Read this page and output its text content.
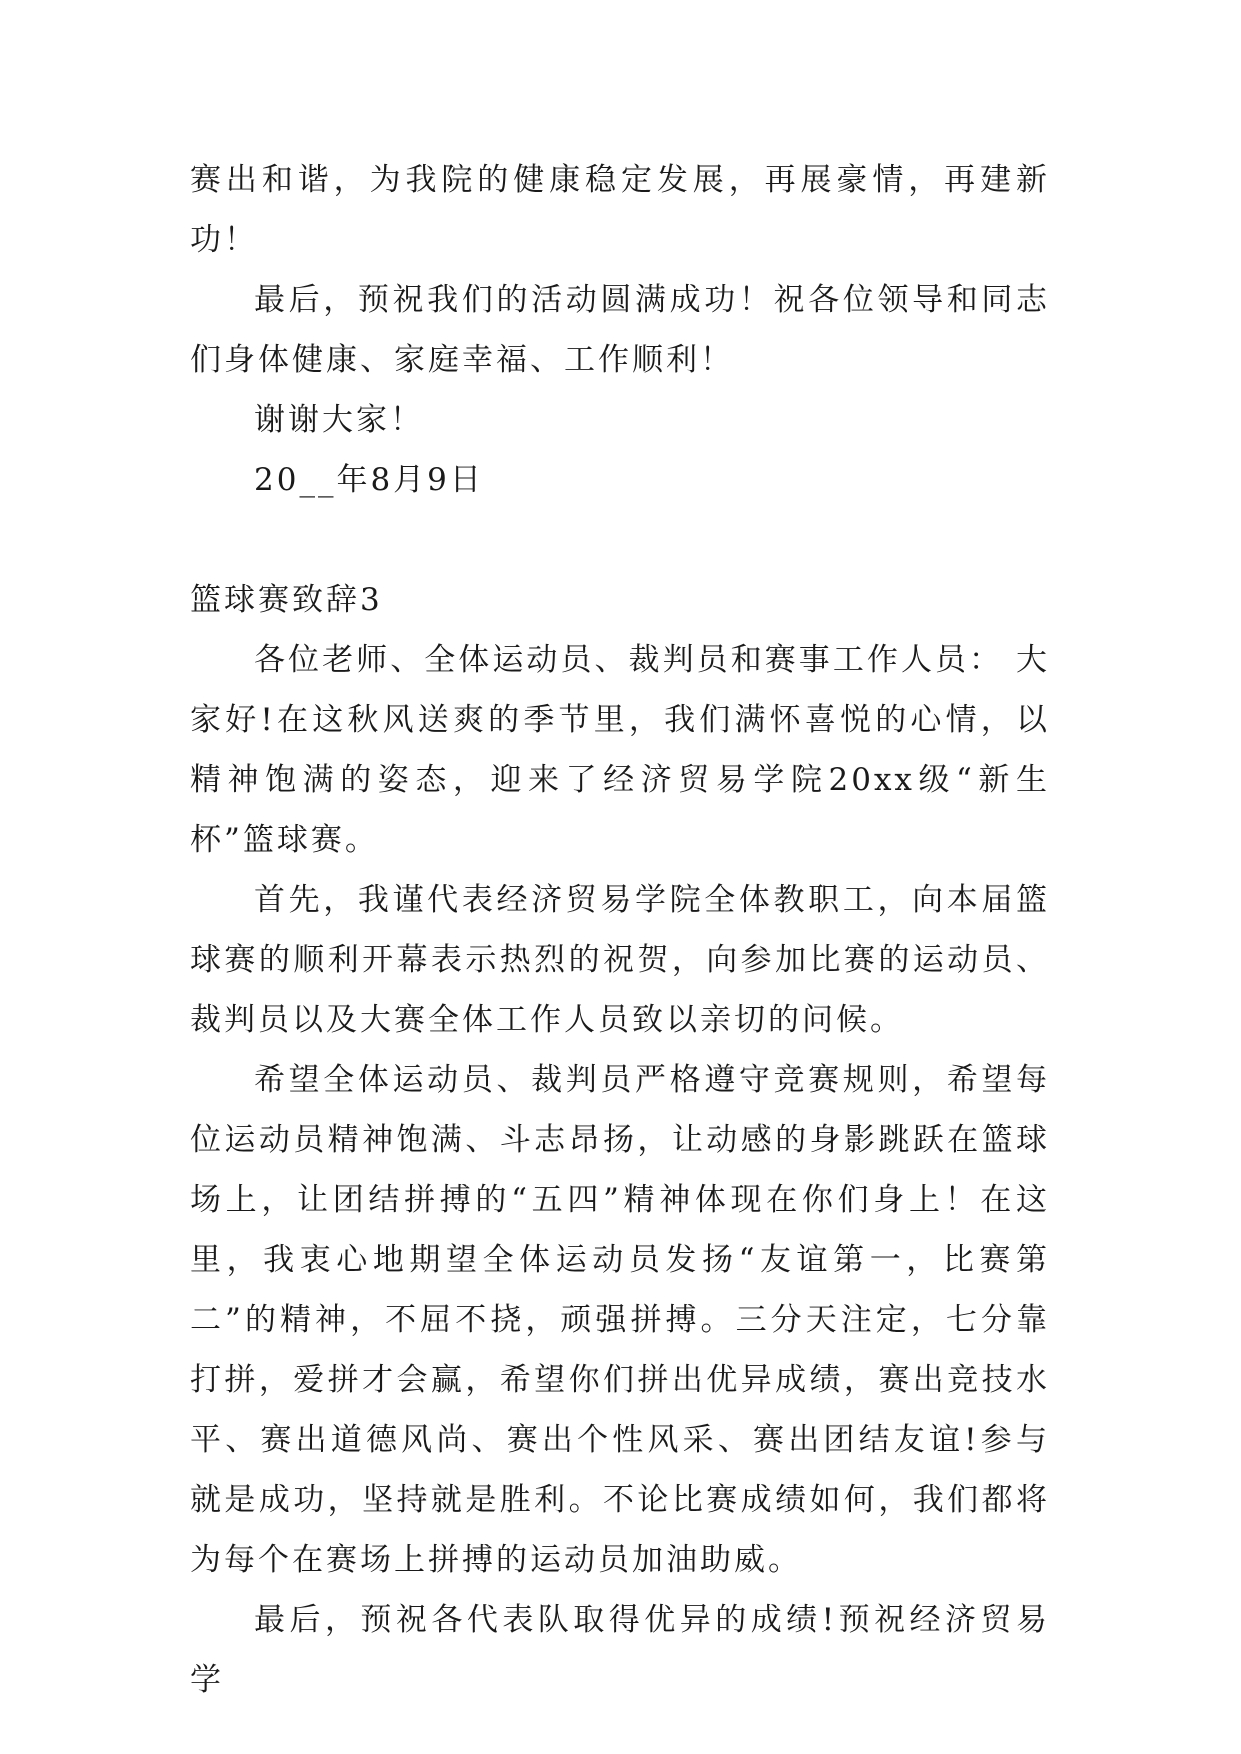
赛出和谐，为我院的健康稳定发展，再展豪情，再建新功！

最后，预祝我们的活动圆满成功！祝各位领导和同志们身体健康、家庭幸福、工作顺利！

谢谢大家！

20__年8月9日

篮球赛致辞3

各位老师、全体运动员、裁判员和赛事工作人员： 大家好!在这秋风送爽的季节里，我们满怀喜悦的心情，以精神饱满的姿态，迎来了经济贸易学院20xx级“新生杯”篮球赛。

首先，我谨代表经济贸易学院全体教职工，向本届篮球赛的顺利开幕表示热烈的祝贺，向参加比赛的运动员、裁判员以及大赛全体工作人员致以亲切的问候。

希望全体运动员、裁判员严格遵守竞赛规则，希望每位运动员精神饱满、斗志昂扬，让动感的身影跳跃在篮球场上，让团结拼搏的“五四”精神体现在你们身上！在这里，我衷心地期望全体运动员发扬“友谊第一，比赛第二”的精神，不屈不挠，顽强拼搏。三分天注定，七分靠打拼，爱拼才会赢，希望你们拼出优异成绩，赛出竞技水平、赛出道德风尚、赛出个性风采、赛出团结友谊!参与就是成功，坚持就是胜利。不论比赛成绩如何，我们都将为每个在赛场上拼搏的运动员加油助威。

最后，预祝各代表队取得优异的成绩!预祝经济贸易学
